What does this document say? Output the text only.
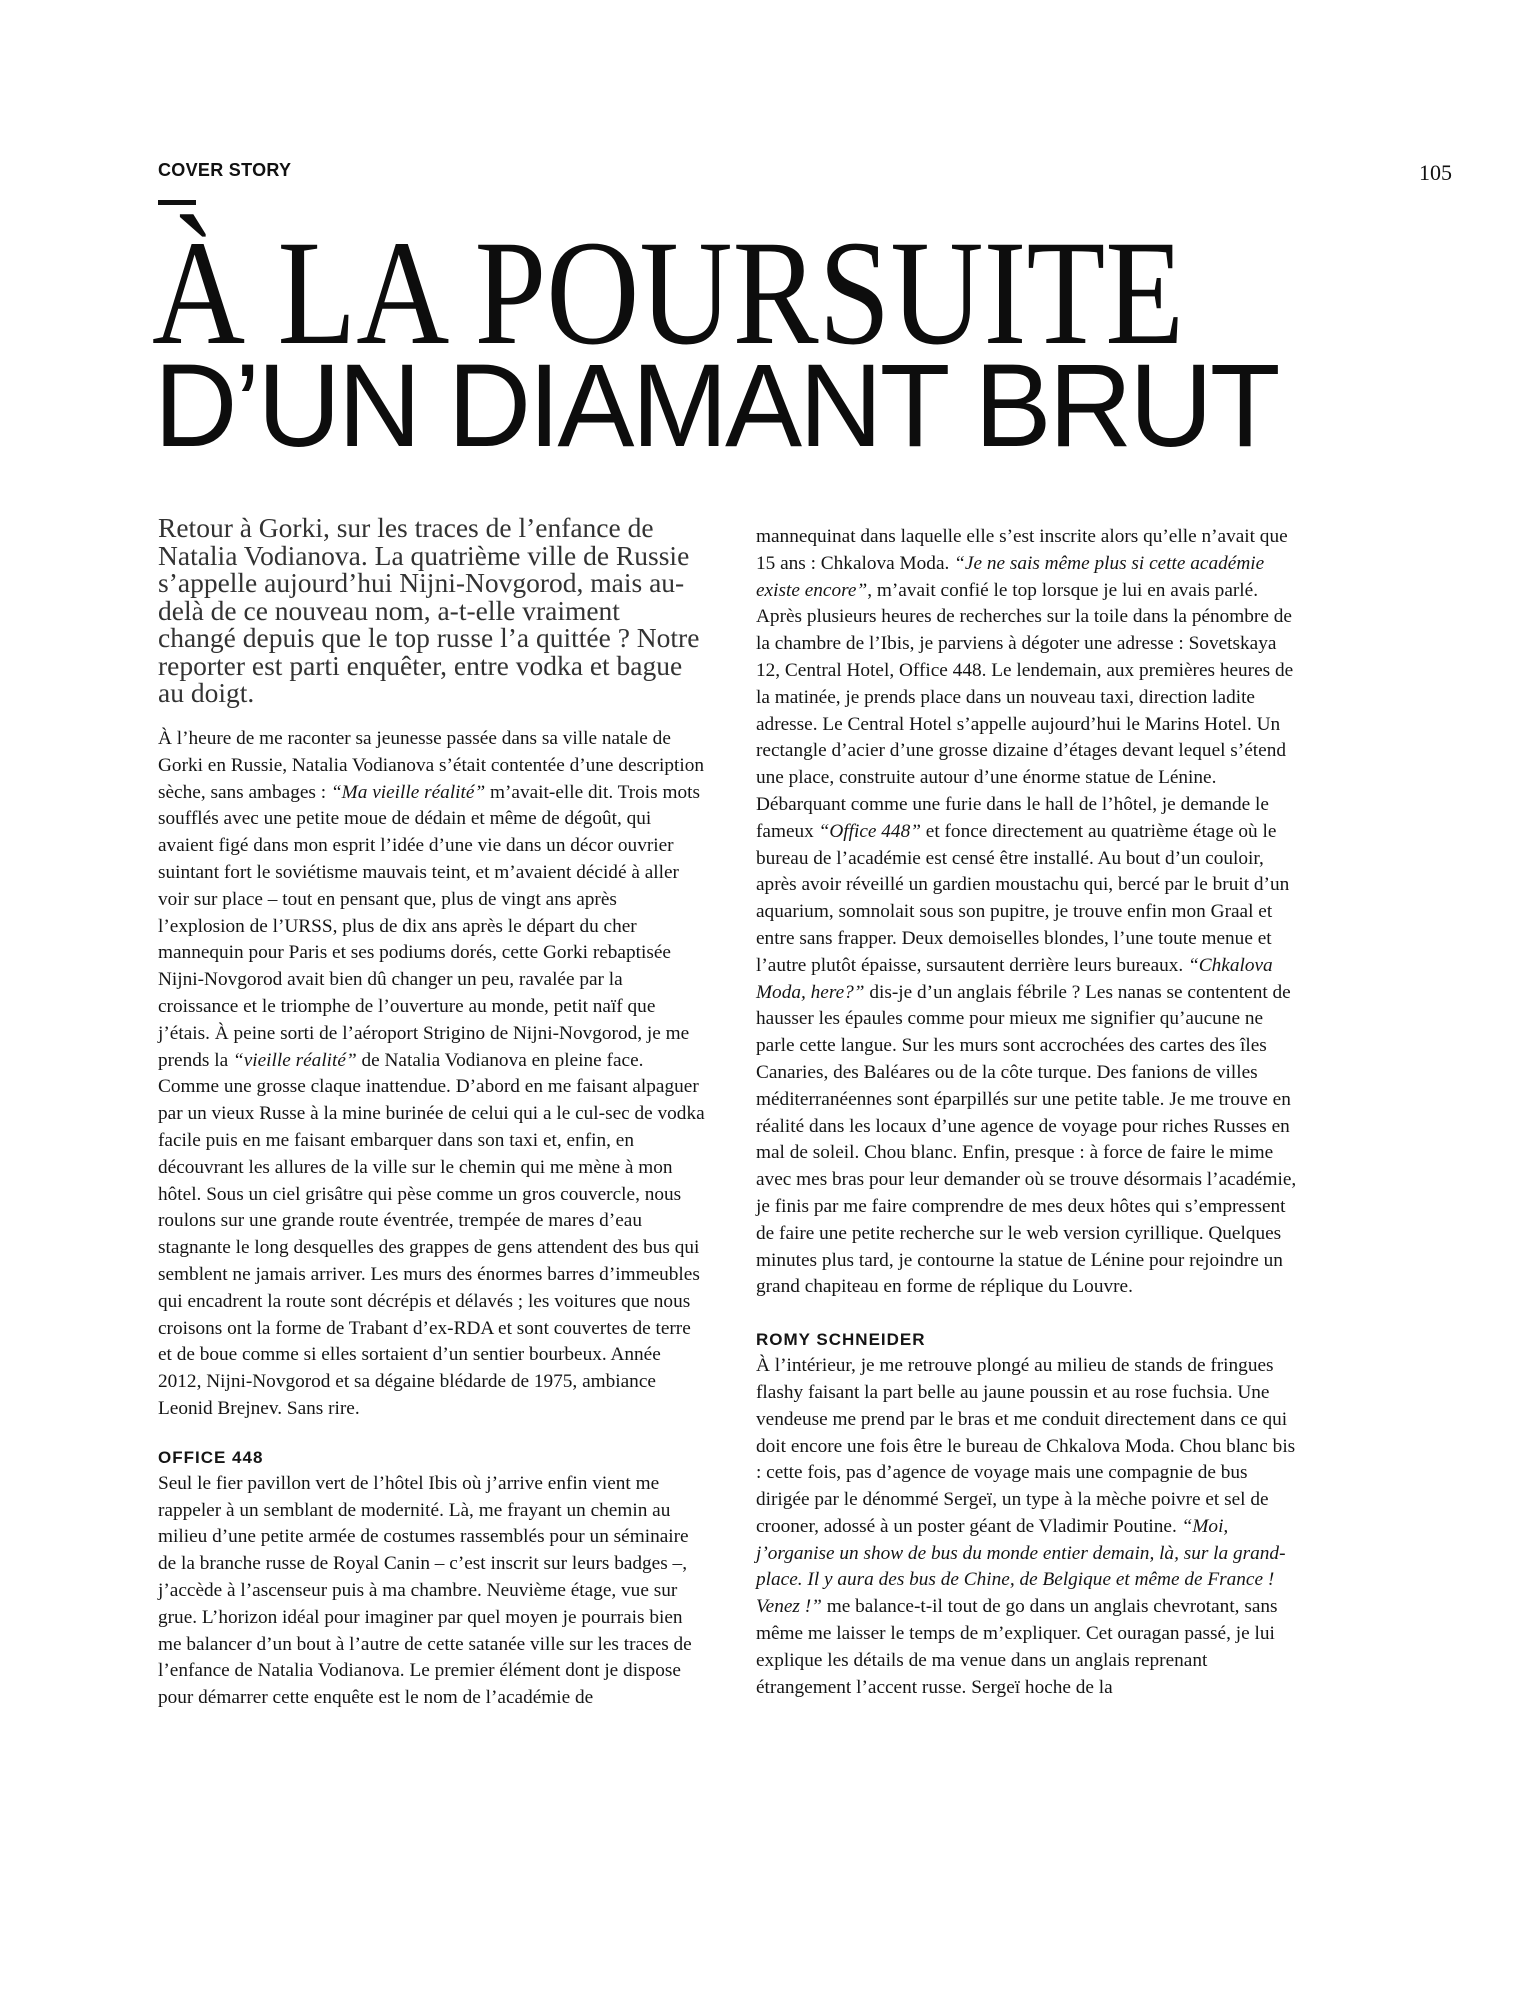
COVER STORY	105
À LA POURSUITE
D’UN DIAMANT BRUT
Retour à Gorki, sur les traces de l’enfance de Natalia Vodianova. La quatrième ville de Russie s’appelle aujourd’hui Nijni-Novgorod, mais au-delà de ce nouveau nom, a-t-elle vraiment changé depuis que le top russe l’a quittée ? Notre reporter est parti enquêter, entre vodka et bague au doigt.

À l’heure de me raconter sa jeunesse passée dans sa ville natale de Gorki en Russie, Natalia Vodianova s’était contentée d’une description sèche, sans ambages : “Ma vieille réalité” m’avait-elle dit. Trois mots soufflés avec une petite moue de dédain et même de dégoût, qui avaient figé dans mon esprit l’idée d’une vie dans un décor ouvrier suintant fort le soviétisme mauvais teint, et m’avaient décidé à aller voir sur place – tout en pensant que, plus de vingt ans après l’explosion de l’URSS, plus de dix ans après le départ du cher mannequin pour Paris et ses podiums dorés, cette Gorki rebaptisée Nijni-Novgorod avait bien dû changer un peu, ravalée par la croissance et le triomphe de l’ouverture au monde, petit naïf que j’étais. À peine sorti de l’aéroport Strigino de Nijni-Novgorod, je me prends la “vieille réalité” de Natalia Vodianova en pleine face. Comme une grosse claque inattendue. D’abord en me faisant alpaguer par un vieux Russe à la mine burinée de celui qui a le cul-sec de vodka facile puis en me faisant embarquer dans son taxi et, enfin, en découvrant les allures de la ville sur le chemin qui me mène à mon hôtel. Sous un ciel grisâtre qui pèse comme un gros couvercle, nous roulons sur une grande route éventrée, trempée de mares d’eau stagnante le long desquelles des grappes de gens attendent des bus qui semblent ne jamais arriver. Les murs des énormes barres d’immeubles qui encadrent la route sont décrépis et délavés ; les voitures que nous croisons ont la forme de Trabant d’ex-RDA et sont couvertes de terre et de boue comme si elles sortaient d’un sentier bourbeux. Année 2012, Nijni-Novgorod et sa dégaine blédarde de 1975, ambiance Leonid Brejnev. Sans rire.

OFFICE 448

Seul le fier pavillon vert de l’hôtel Ibis où j’arrive enfin vient me rappeler à un semblant de modernité. Là, me frayant un chemin au milieu d’une petite armée de costumes rassemblés pour un séminaire de la branche russe de Royal Canin – c’est inscrit sur leurs badges –, j’accède à l’ascenseur puis à ma chambre. Neuvième étage, vue sur grue. L’horizon idéal pour imaginer par quel moyen je pourrais bien me balancer d’un bout à l’autre de cette satanée ville sur les traces de l’enfance de Natalia Vodianova. Le premier élément dont je dispose pour démarrer cette enquête est le nom de l’académie de

mannequinat dans laquelle elle s’est inscrite alors qu’elle n’avait que 15 ans : Chkalova Moda. “Je ne sais même plus si cette académie existe encore”, m’avait confié le top lorsque je lui en avais parlé. Après plusieurs heures de recherches sur la toile dans la pénombre de la chambre de l’Ibis, je parviens à dégoter une adresse : Sovetskaya 12, Central Hotel, Office 448. Le lendemain, aux premières heures de la matinée, je prends place dans un nouveau taxi, direction ladite adresse. Le Central Hotel s’appelle aujourd’hui le Marins Hotel. Un rectangle d’acier d’une grosse dizaine d’étages devant lequel s’étend une place, construite autour d’une énorme statue de Lénine. Débarquant comme une furie dans le hall de l’hôtel, je demande le fameux “Office 448” et fonce directement au quatrième étage où le bureau de l’académie est censé être installé. Au bout d’un couloir, après avoir réveillé un gardien moustachu qui, bercé par le bruit d’un aquarium, somnolait sous son pupitre, je trouve enfin mon Graal et entre sans frapper. Deux demoiselles blondes, l’une toute menue et l’autre plutôt épaisse, sursautent derrière leurs bureaux. “Chkalova Moda, here?” dis-je d’un anglais fébrile ? Les nanas se contentent de hausser les épaules comme pour mieux me signifier qu’aucune ne parle cette langue. Sur les murs sont accrochées des cartes des îles Canaries, des Baléares ou de la côte turque. Des fanions de villes méditerranéennes sont éparpillés sur une petite table. Je me trouve en réalité dans les locaux d’une agence de voyage pour riches Russes en mal de soleil. Chou blanc. Enfin, presque : à force de faire le mime avec mes bras pour leur demander où se trouve désormais l’académie, je finis par me faire comprendre de mes deux hôtes qui s’empressent de faire une petite recherche sur le web version cyrillique. Quelques minutes plus tard, je contourne la statue de Lénine pour rejoindre un grand chapiteau en forme de réplique du Louvre.

ROMY SCHNEIDER

À l’intérieur, je me retrouve plongé au milieu de stands de fringues flashy faisant la part belle au jaune poussin et au rose fuchsia. Une vendeuse me prend par le bras et me conduit directement dans ce qui doit encore une fois être le bureau de Chkalova Moda. Chou blanc bis : cette fois, pas d’agence de voyage mais une compagnie de bus dirigée par le dénommé Sergeï, un type à la mèche poivre et sel de crooner, adossé à un poster géant de Vladimir Poutine. “Moi, j’organise un show de bus du monde entier demain, là, sur la grand-place. Il y aura des bus de Chine, de Belgique et même de France ! Venez !” me balance-t-il tout de go dans un anglais chevrotant, sans même me laisser le temps de m’expliquer. Cet ouragan passé, je lui explique les détails de ma venue dans un anglais reprenant étrangement l’accent russe. Sergeï hoche de la
